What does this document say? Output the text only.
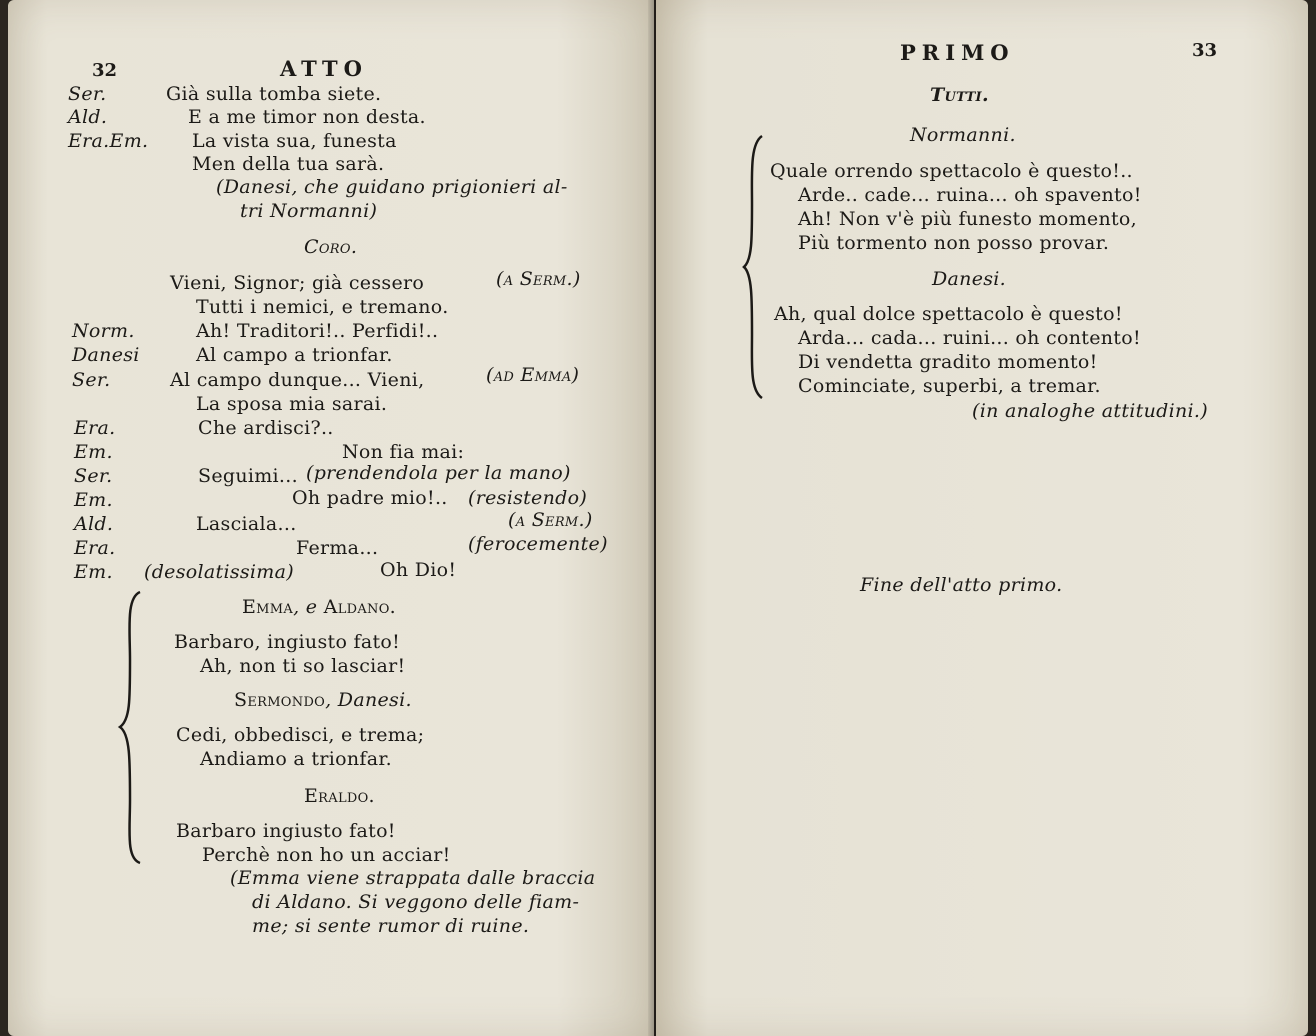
32	ATTO
Ser.	Già sulla tomba siete.
Ald.	E a me timor non desta.
Era.Em. La vista sua, funesta
Men della tua sarà.
(Danesi, che guidano prigionieri al-
tri Normanni)
Coro.
Vieni, Signor; già cessero	(a Serm.)
Tutti i nemici, e tremano.
Norm.	Ah! Traditori!.. Perfidi!..
Danesi	Al campo a trionfar.
Ser.	Al campo dunque... Vieni,	(ad Emma)
La sposa mia sarai.
Era.	Che ardisci?..
Em.	Non fia mai:
Ser.	Seguimi... (prendendola per la mano)
Em.	Oh padre mio!.. (resistendo)
Ald.	Lasciala...	(a Serm.)
Era.	Ferma...	(ferocemente)
Em. (desolatissima)	Oh Dio!
Emma, e Aldano.
Barbaro, ingiusto fato!
Ah, non ti so lasciar!
Sermondo, Danesi.
Cedi, obbedisci, e trema;
Andiamo a trionfar.
Eraldo.
Barbaro ingiusto fato!
Perchè non ho un acciar!
(Emma viene strappata dalle braccia
di Aldano. Si veggono delle fiam-
me; si sente rumor di ruine.
PRIMO	33
Tutti.
Normanni.
Quale orrendo spettacolo è questo!..
Arde.. cade... ruina... oh spavento!
Ah! Non v'è più funesto momento,
Più tormento non posso provar.
Danesi.
Ah, qual dolce spettacolo è questo!
Arda... cada... ruini... oh contento!
Di vendetta gradito momento!
Cominciate, superbi, a tremar.
(in analoghe attitudini.)
Fine dell'atto primo.
